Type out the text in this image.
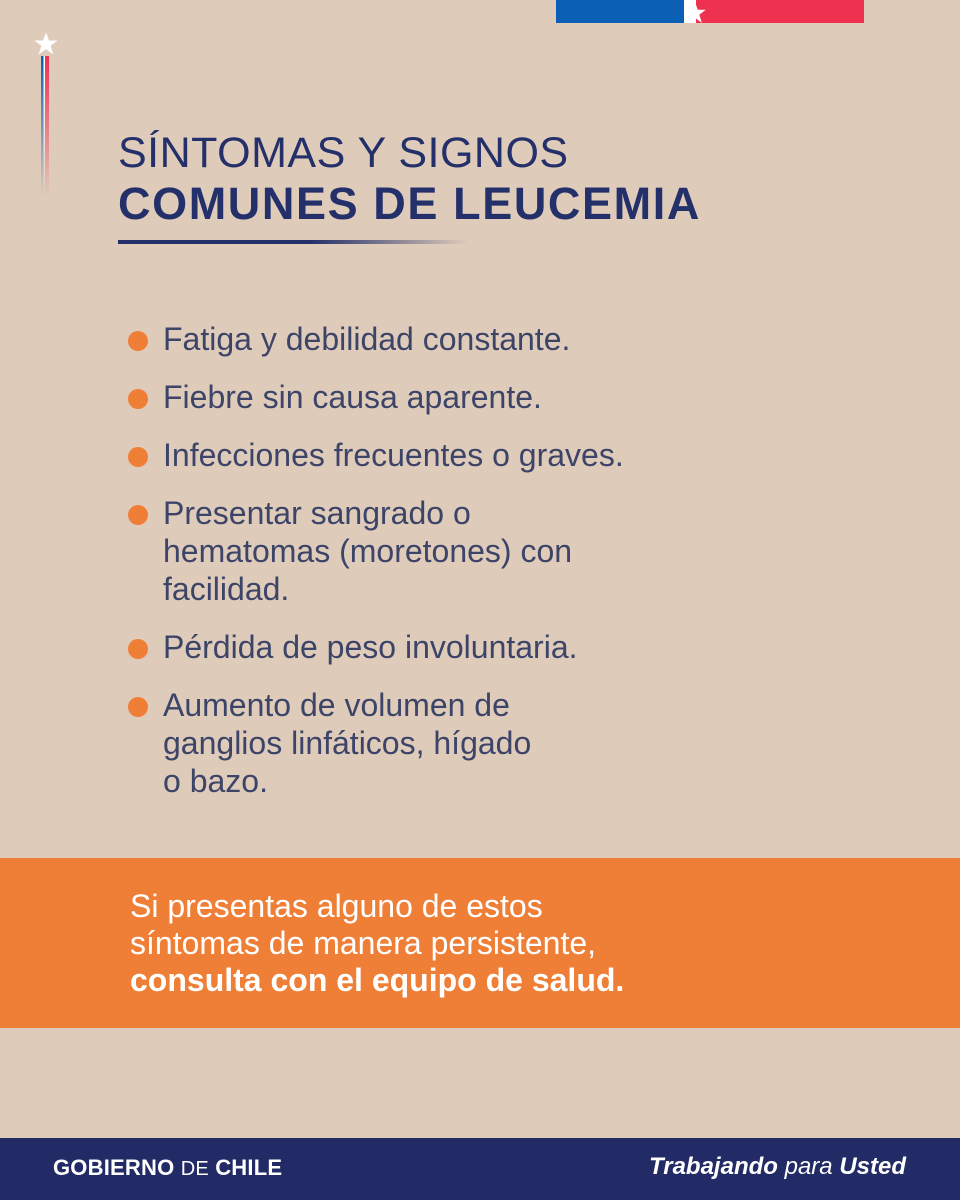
SÍNTOMAS Y SIGNOS
COMUNES DE LEUCEMIA
Fatiga y debilidad constante.
Fiebre sin causa aparente.
Infecciones frecuentes o graves.
Presentar sangrado o
hematomas (moretones) con
facilidad.
Pérdida de peso involuntaria.
Aumento de volumen de
ganglios linfáticos, hígado
o bazo.
Si presentas alguno de estos
síntomas de manera persistente,
consulta con el equipo de salud.
GOBIERNO DE CHILE	Trabajando para Usted
